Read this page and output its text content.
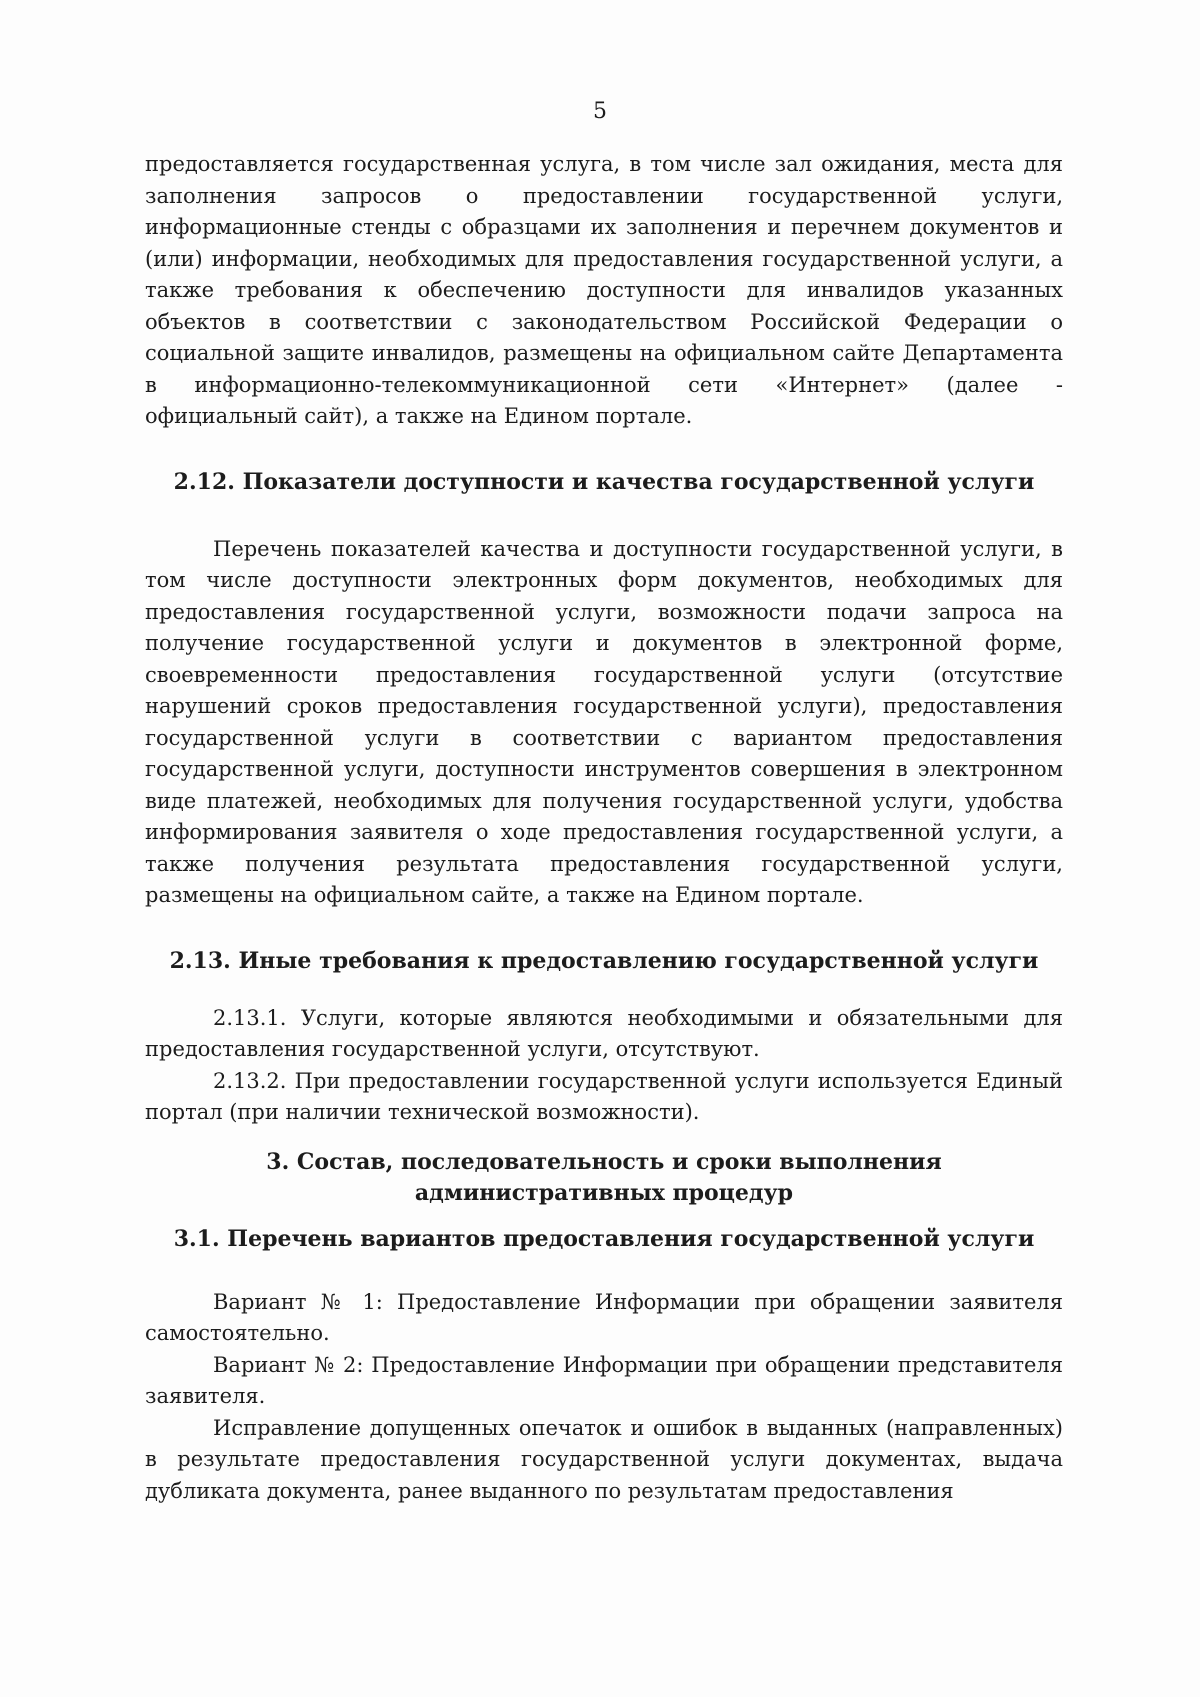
5

предоставляется государственная услуга, в том числе зал ожидания, места для заполнения запросов о предоставлении государственной услуги, информационные стенды с образцами их заполнения и перечнем документов и (или) информации, необходимых для предоставления государственной услуги, а также требования к обеспечению доступности для инвалидов указанных объектов в соответствии с законодательством Российской Федерации о социальной защите инвалидов, размещены на официальном сайте Департамента в информационно-телекоммуникационной сети «Интернет» (далее - официальный сайт), а также на Едином портале.

2.12. Показатели доступности и качества государственной услуги

Перечень показателей качества и доступности государственной услуги, в том числе доступности электронных форм документов, необходимых для предоставления государственной услуги, возможности подачи запроса на получение государственной услуги и документов в электронной форме, своевременности предоставления государственной услуги (отсутствие нарушений сроков предоставления государственной услуги), предоставления государственной услуги в соответствии с вариантом предоставления государственной услуги, доступности инструментов совершения в электронном виде платежей, необходимых для получения государственной услуги, удобства информирования заявителя о ходе предоставления государственной услуги, а также получения результата предоставления государственной услуги, размещены на официальном сайте, а также на Едином портале.

2.13. Иные требования к предоставлению государственной услуги

2.13.1. Услуги, которые являются необходимыми и обязательными для предоставления государственной услуги, отсутствуют.

2.13.2. При предоставлении государственной услуги используется Единый портал (при наличии технической возможности).

3. Состав, последовательность и сроки выполнения административных процедур
3.1. Перечень вариантов предоставления государственной услуги

Вариант № 1: Предоставление Информации при обращении заявителя самостоятельно.

Вариант № 2: Предоставление Информации при обращении представителя заявителя.

Исправление допущенных опечаток и ошибок в выданных (направленных) в результате предоставления государственной услуги документах, выдача дубликата документа, ранее выданного по результатам предоставления
